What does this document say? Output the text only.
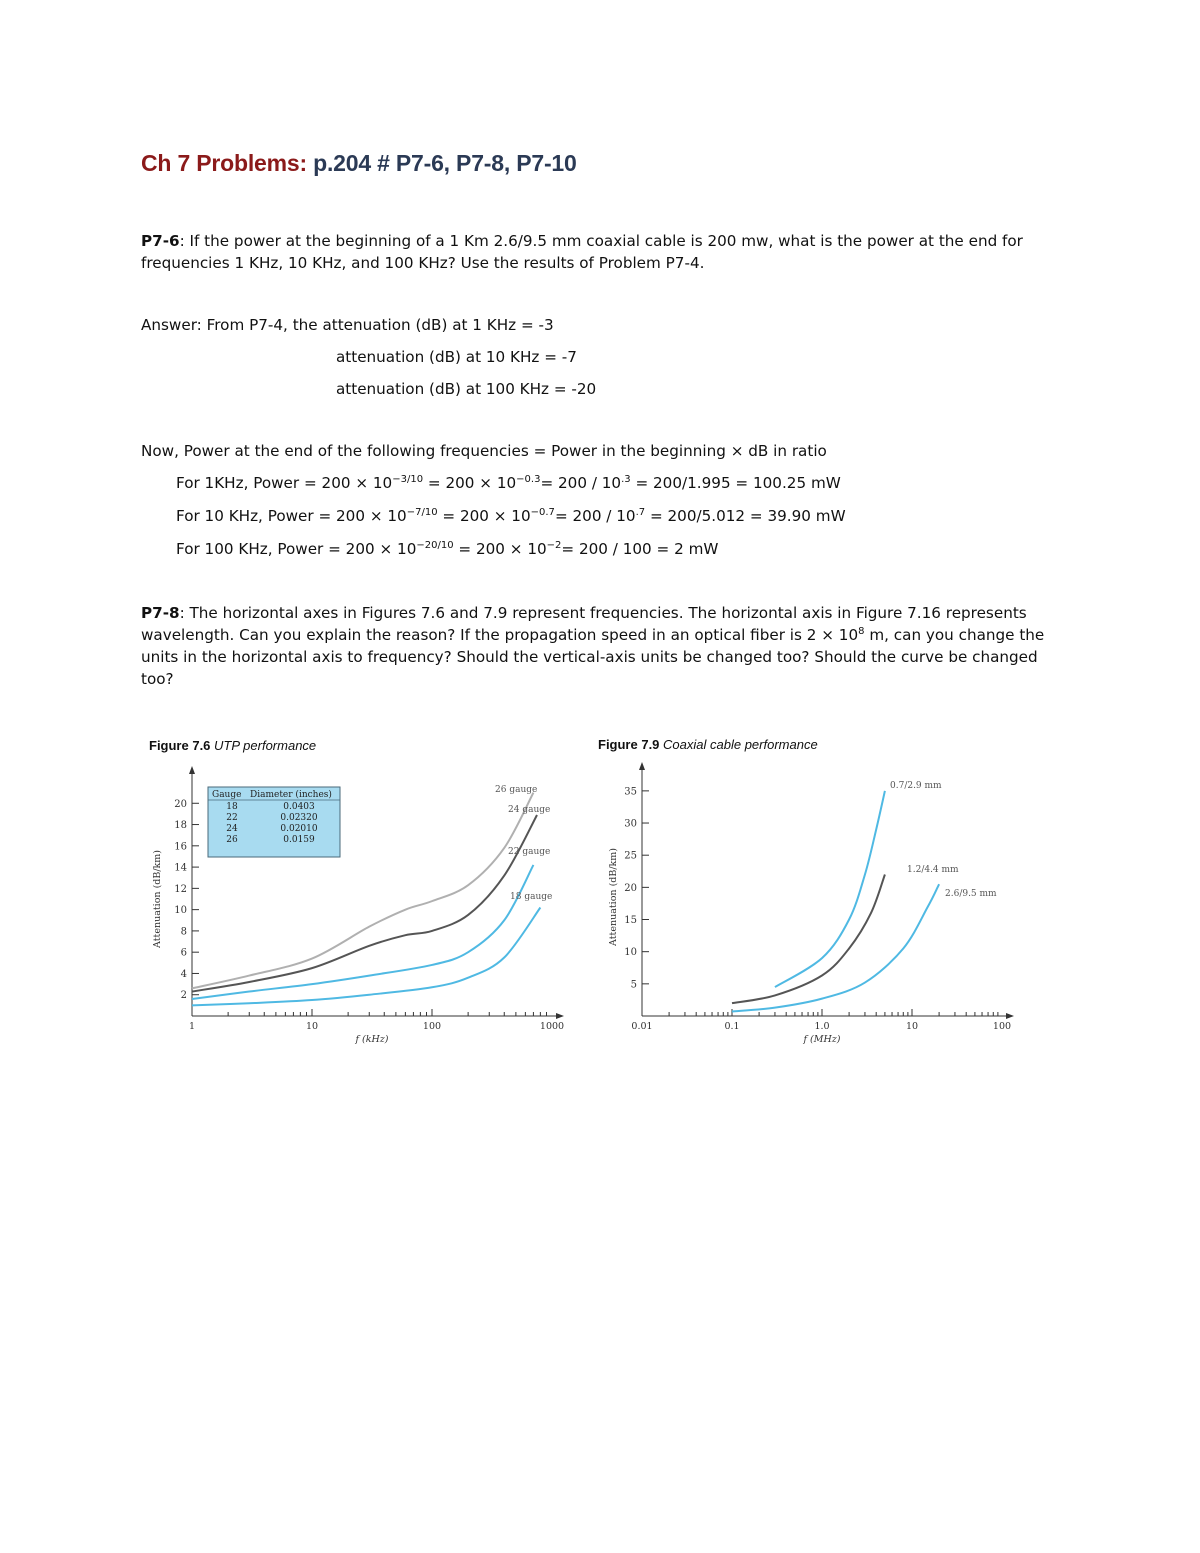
Ch 7 Problems: p.204 # P7-6, P7-8, P7-10
P7-6: If the power at the beginning of a 1 Km 2.6/9.5 mm coaxial cable is 200 mw, what is the power at the end for frequencies 1 KHz, 10 KHz, and 100 KHz? Use the results of Problem P7-4.
Answer: From P7-4, the attenuation (dB) at 1 KHz = -3
attenuation (dB) at 10 KHz = -7
attenuation (dB) at 100 KHz = -20
Now, Power at the end of the following frequencies = Power in the beginning × dB in ratio
For 1KHz, Power = $200 \times 10^{-3/10} = 200 \times 10^{-0.3}= 200 / 10^{.3} = 200/1.995 = 100.25$ mW
For 10 KHz, Power = $200 \times 10^{-7/10} = 200 \times 10^{-0.7}= 200 / 10^{.7} = 200/5.012 = 39.90$ mW
For 100 KHz, Power = $200 \times 10^{-20/10} = 200 \times 10^{-2}= 200 / 100 = 2$ mW
P7-8: The horizontal axes in Figures 7.6 and 7.9 represent frequencies. The horizontal axis in Figure 7.16 represents wavelength. Can you explain the reason? If the propagation speed in an optical fiber is $2 \times 10^8$ m, can you change the units in the horizontal axis to frequency? Should the vertical-axis units be changed too? Should the curve be changed too?
Figure 7.6 UTP performance
2
4
6
8
10
12
14
16
18
20
1	10	100	1000
f (kHz)
Attenuation (dB/km)
26 gauge
24 gauge
22 gauge
18 gauge
Gauge Diameter (inches)
18	0.0403
22	0.02320
24	0.02010
26	0.0159
Figure 7.9 Coaxial cable performance
5
10
15
20
25
30
35
0.01	0.1	1.0	10	100
f (MHz)
Attenuation (dB/km)
0.7/2.9 mm
1.2/4.4 mm
2.6/9.5 mm
